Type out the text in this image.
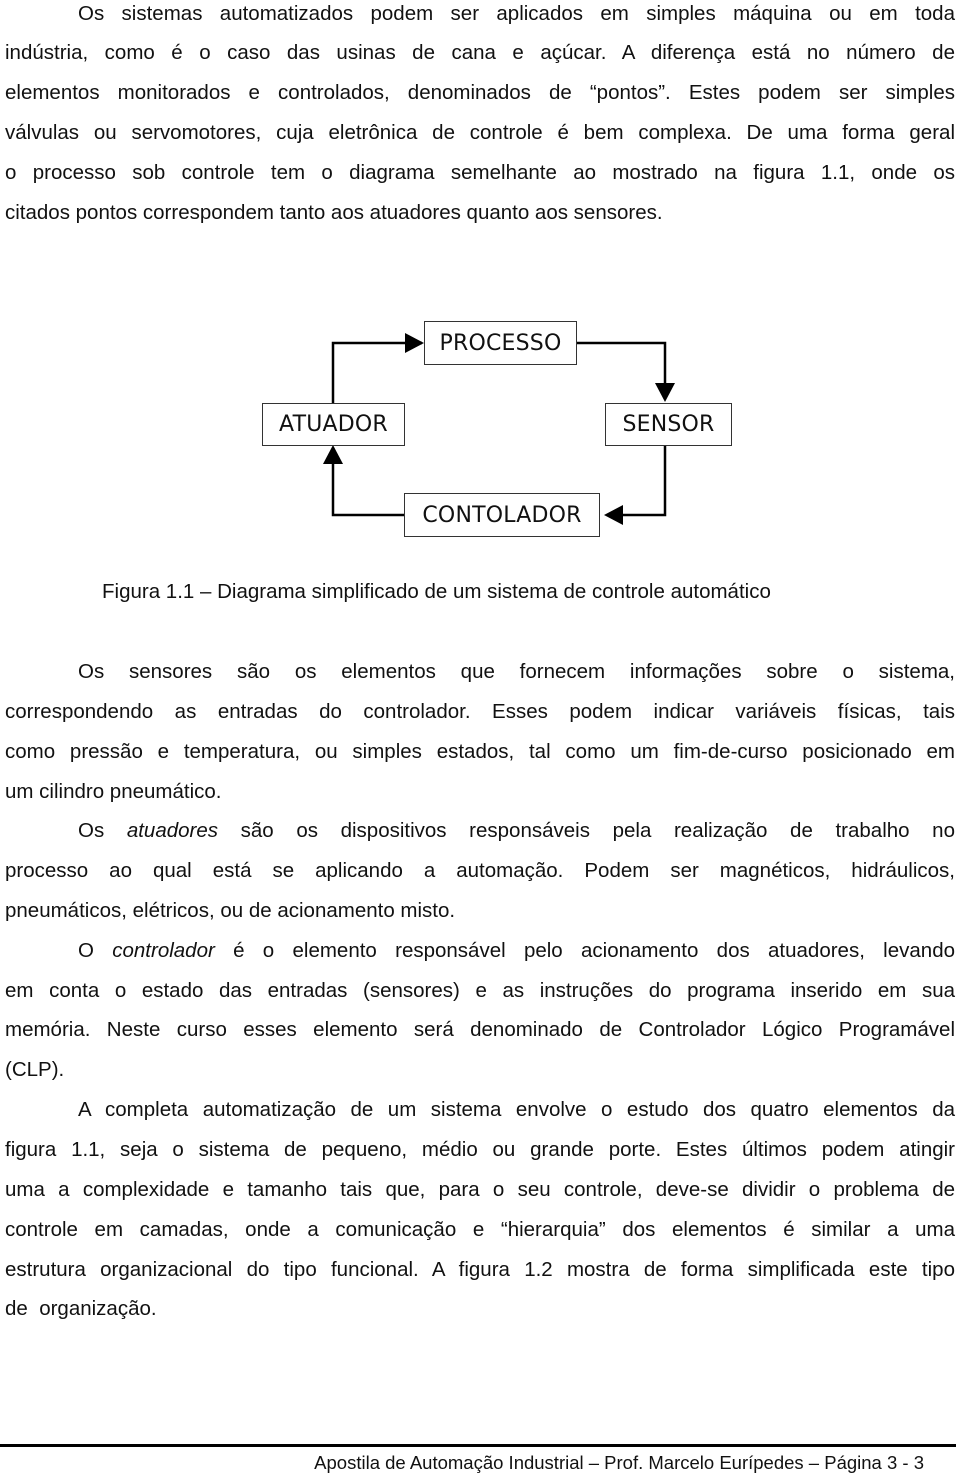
Os sistemas automatizados podem ser aplicados em simples máquina ou em toda
indústria, como é o caso das usinas de cana e açúcar. A diferença está no número de
elementos monitorados e controlados, denominados de “pontos”. Estes podem ser simples
válvulas ou servomotores, cuja eletrônica de controle é bem complexa. De uma forma geral
o processo sob controle tem o diagrama semelhante ao mostrado na figura 1.1, onde os
citados pontos correspondem tanto aos atuadores quanto aos sensores.
PROCESSO
ATUADOR	SENSOR
CONTOLADOR
Figura 1.1 – Diagrama simplificado de um sistema de controle automático
Os sensores são os elementos que fornecem informações sobre o sistema,
correspondendo as entradas do controlador. Esses podem indicar variáveis físicas, tais
como pressão e temperatura, ou simples estados, tal como um fim-de-curso posicionado em
um cilindro pneumático.
Os atuadores são os dispositivos responsáveis pela realização de trabalho no
processo ao qual está se aplicando a automação. Podem ser magnéticos, hidráulicos,
pneumáticos, elétricos, ou de acionamento misto.
O controlador é o elemento responsável pelo acionamento dos atuadores, levando
em conta o estado das entradas (sensores) e as instruções do programa inserido em sua
memória. Neste curso esses elemento será denominado de Controlador Lógico Programável
(CLP).
A completa automatização de um sistema envolve o estudo dos quatro elementos da
figura 1.1, seja o sistema de pequeno, médio ou grande porte. Estes últimos podem atingir
uma a complexidade e tamanho tais que, para o seu controle, deve-se dividir o problema de
controle em camadas, onde a comunicação e “hierarquia” dos elementos é similar a uma
estrutura organizacional do tipo funcional. A figura 1.2 mostra de forma simplificada este tipo
de  organização.
Apostila de Automação Industrial – Prof. Marcelo Eurípedes – Página 3 - 3
